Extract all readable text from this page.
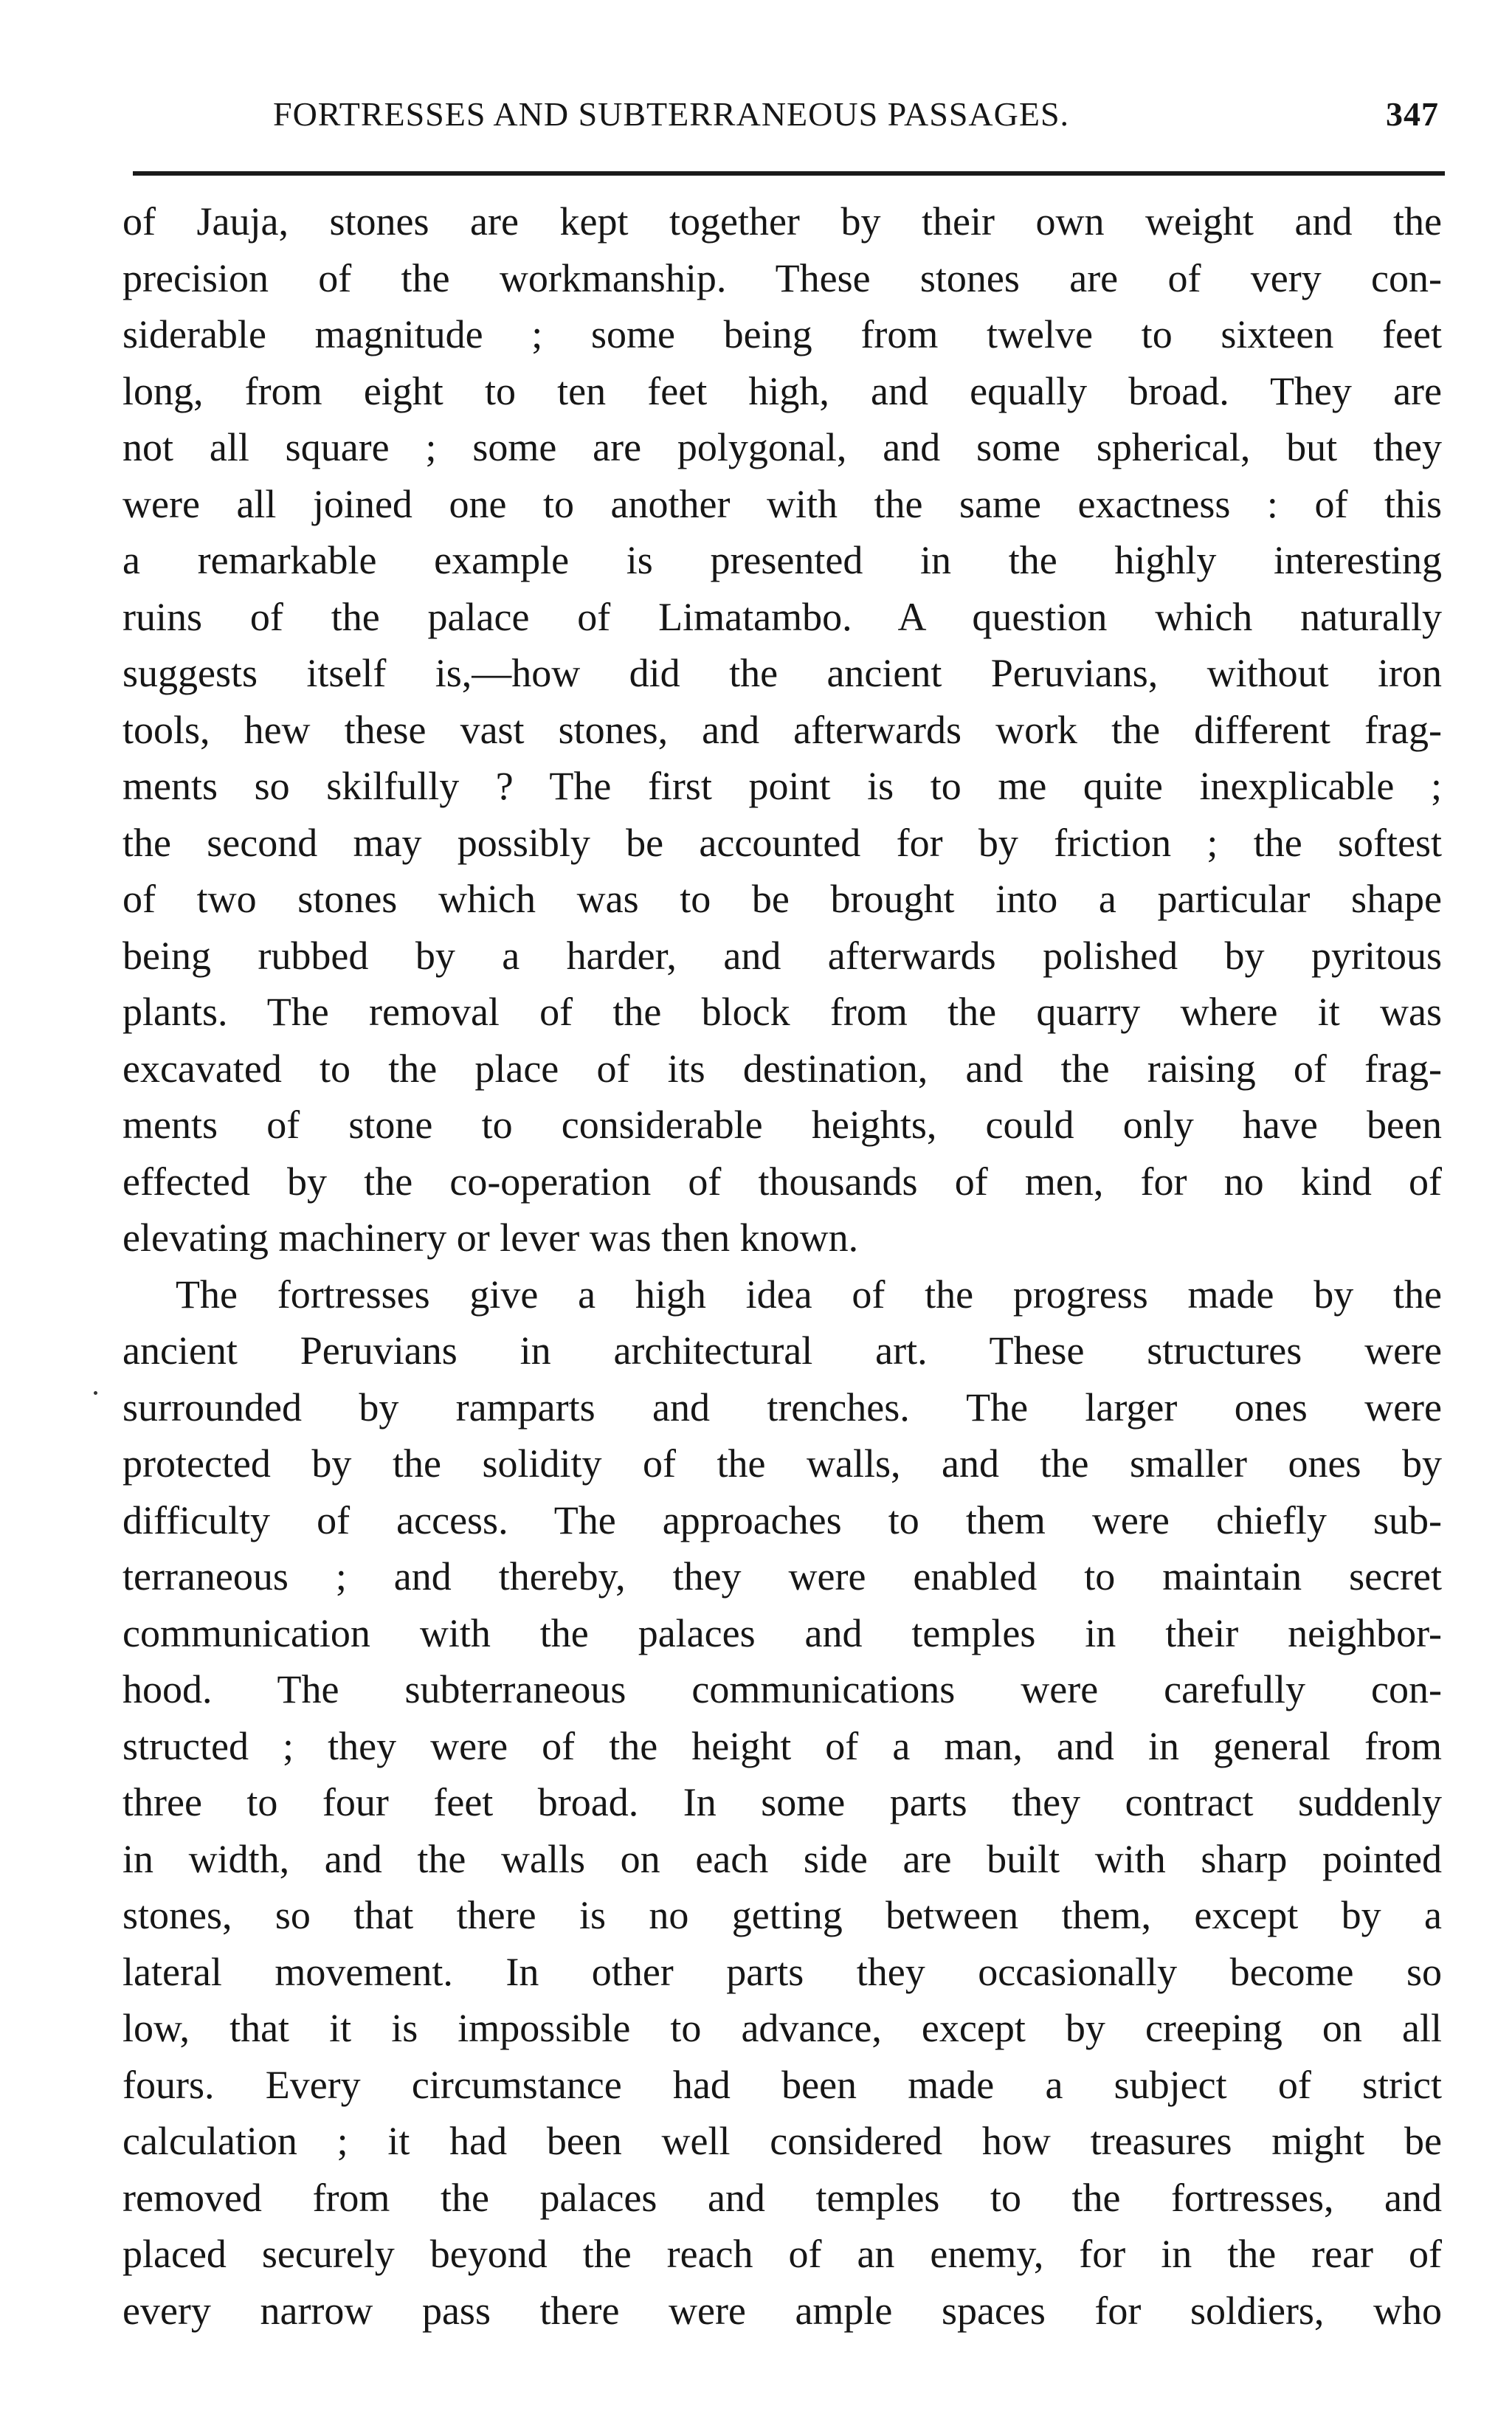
FORTRESSES AND SUBTERRANEOUS PASSAGES.	347
of Jauja, stones are kept together by their own weight and the
precision of the workmanship. These stones are of very con-
siderable magnitude ; some being from twelve to sixteen feet
long, from eight to ten feet high, and equally broad. They are
not all square ; some are polygonal, and some spherical, but they
were all joined one to another with the same exactness : of this
a remarkable example is presented in the highly interesting
ruins of the palace of Limatambo. A question which naturally
suggests itself is,—how did the ancient Peruvians, without iron
tools, hew these vast stones, and afterwards work the different frag-
ments so skilfully ? The first point is to me quite inexplicable ;
the second may possibly be accounted for by friction ; the softest
of two stones which was to be brought into a particular shape
being rubbed by a harder, and afterwards polished by pyritous
plants. The removal of the block from the quarry where it was
excavated to the place of its destination, and the raising of frag-
ments of stone to considerable heights, could only have been
effected by the co-operation of thousands of men, for no kind of
elevating machinery or lever was then known.
The fortresses give a high idea of the progress made by the
ancient Peruvians in architectural art. These structures were
surrounded by ramparts and trenches. The larger ones were
protected by the solidity of the walls, and the smaller ones by
difficulty of access. The approaches to them were chiefly sub-
terraneous ; and thereby, they were enabled to maintain secret
communication with the palaces and temples in their neighbor-
hood. The subterraneous communications were carefully con-
structed ; they were of the height of a man, and in general from
three to four feet broad. In some parts they contract suddenly
in width, and the walls on each side are built with sharp pointed
stones, so that there is no getting between them, except by a
lateral movement. In other parts they occasionally become so
low, that it is impossible to advance, except by creeping on all
fours. Every circumstance had been made a subject of strict
calculation ; it had been well considered how treasures might be
removed from the palaces and temples to the fortresses, and
placed securely beyond the reach of an enemy, for in the rear of
every narrow pass there were ample spaces for soldiers, who
